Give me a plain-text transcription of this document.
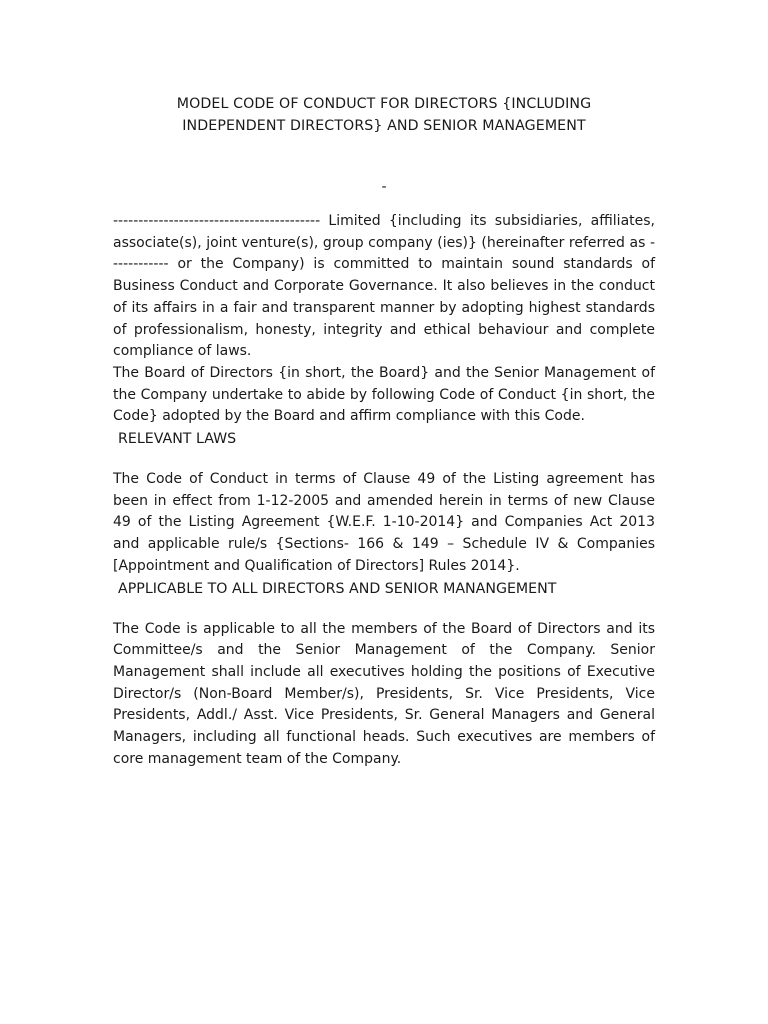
MODEL CODE OF CONDUCT FOR DIRECTORS {INCLUDING
INDEPENDENT DIRECTORS} AND SENIOR MANAGEMENT
-

----------------------------------------- Limited {including its subsidiaries, affiliates, associate(s), joint venture(s), group company (ies)} (hereinafter referred as ------------ or the Company) is committed to maintain sound standards of Business Conduct and Corporate Governance. It also believes in the conduct of its affairs in a fair and transparent manner by adopting highest standards of professionalism, honesty, integrity and ethical behaviour and complete compliance of laws.

The Board of Directors {in short, the Board} and the Senior Management of the Company undertake to abide by following Code of Conduct {in short, the Code} adopted by the Board and affirm compliance with this Code.

RELEVANT LAWS

The Code of Conduct in terms of Clause 49 of the Listing agreement has been in effect from 1-12-2005 and amended herein in terms of new Clause 49 of the Listing Agreement {W.E.F. 1-10-2014} and Companies Act 2013 and applicable rule/s {Sections- 166 & 149 – Schedule IV & Companies [Appointment and Qualification of Directors] Rules 2014}.

APPLICABLE TO ALL DIRECTORS AND SENIOR MANANGEMENT

The Code is applicable to all the members of the Board of Directors and its Committee/s and the Senior Management of the Company. Senior Management shall include all executives holding the positions of Executive Director/s (Non-Board Member/s), Presidents, Sr. Vice Presidents, Vice Presidents, Addl./ Asst. Vice Presidents, Sr. General Managers and General Managers, including all functional heads. Such executives are members of core management team of the Company.
